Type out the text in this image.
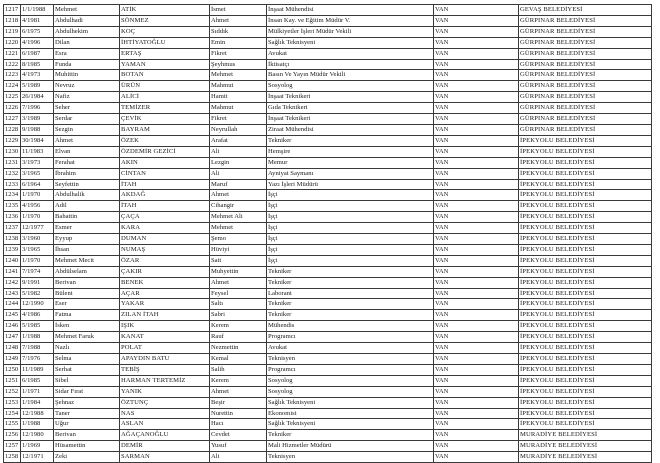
1217	1/1/1988	Mehmet	ATİK	İsmet	İnşaat Mühendisi	VAN	GEVAŞ BELEDİYESİ
1218	4/1981	Abdulhadi	SÖNMEZ	Ahmet	İnsan Kay. ve Eğitim Müdür V.	VAN	GÜRPINAR BELEDİYESİ
1219	6/1975	Abdulhekim	KOÇ	Sıddık	Mülkiyetler İşleri Müdür Vekili	VAN	GÜRPINAR BELEDİYESİ
1220	4/1996	Dilan	İHTİYATOĞLU	Emin	Sağlık Teknisyeni	VAN	GÜRPINAR BELEDİYESİ
1221	6/1987	Esra	ERTAŞ	Fikret	Avukat	VAN	GÜRPINAR BELEDİYESİ
1222	8/1985	Funda	YAMAN	Şeyhmus	İktisatçı	VAN	GÜRPINAR BELEDİYESİ
1223	4/1973	Muhittin	BOTAN	Mehmet	Basın Ve Yayın Müdür Vekili	VAN	GÜRPINAR BELEDİYESİ
1224	5/1989	Nevruz	ÜRÜN	Mahmut	Sosyolog	VAN	GÜRPINAR BELEDİYESİ
1225	26/1984	Nafiz	ALİCİ	Hamit	İnşaat Teknikeri	VAN	GÜRPINAR BELEDİYESİ
1226	7/1996	Seher	TEMİZER	Mahmut	Gıda Teknikeri	VAN	GÜRPINAR BELEDİYESİ
1227	3/1989	Serdar	ÇEVİK	Fikret	İnşaat Teknikeri	VAN	GÜRPINAR BELEDİYESİ
1228	9/1988	Sezgin	BAYRAM	Neyrullah	Ziraat Mühendisi	VAN	GÜRPINAR BELEDİYESİ
1229	30/1984	Ahmet	ÖZEK	Arafat	Tekniker	VAN	İPEKYOLU BELEDİYESİ
1230	11/1983	Elvan	ÖZDEMİR GEZİCİ	Ali	Hemşire	VAN	İPEKYOLU BELEDİYESİ
1231	3/1973	Ferahat	AKIN	Lezgin	Memur	VAN	İPEKYOLU BELEDİYESİ
1232	3/1965	İbrahim	CİNTAN	Ali	Ayniyat Saymanı	VAN	İPEKYOLU BELEDİYESİ
1233	6/1964	Seyfettin	İTAH	Maruf	Yazı İşleri Müdürü	VAN	İPEKYOLU BELEDİYESİ
1234	1/1970	Abdulhalik	AKDAĞ	Ahmet	İşçi	VAN	İPEKYOLU BELEDİYESİ
1235	4/1956	Adil	İTAH	Cihangir	İşçi	VAN	İPEKYOLU BELEDİYESİ
1236	1/1970	Bahattin	ÇAÇA	Mehmet Ali	İşçi	VAN	İPEKYOLU BELEDİYESİ
1237	12/1977	Esmer	KARA	Mehmet	İşçi	VAN	İPEKYOLU BELEDİYESİ
1238	3/1960	Eyyup	DUMAN	Şemo	İşçi	VAN	İPEKYOLU BELEDİYESİ
1239	3/1965	İhsan	NUMAŞ	Hüviyi	İşçi	VAN	İPEKYOLU BELEDİYESİ
1240	1/1970	Mehmet Mecit	ÖZAR	Sait	İşçi	VAN	İPEKYOLU BELEDİYESİ
1241	7/1974	Abdülselam	ÇAKIR	Muhyettin	Tekniker	VAN	İPEKYOLU BELEDİYESİ
1242	9/1991	Berivan	BENEK	Ahmet	Tekniker	VAN	İPEKYOLU BELEDİYESİ
1243	5/1982	Bülent	AÇAR	Feysel	Laborant	VAN	İPEKYOLU BELEDİYESİ
1244	12/1990	Eser	YAKAR	Saltı	Tekniker	VAN	İPEKYOLU BELEDİYESİ
1245	4/1986	Fatma	ZILAN İTAH	Sabri	Tekniker	VAN	İPEKYOLU BELEDİYESİ
1246	5/1985	İsken	IŞIK	Kerem	Mühendis	VAN	İPEKYOLU BELEDİYESİ
1247	1/1988	Mehmet Faruk	KANAT	Rauf	Programcı	VAN	İPEKYOLU BELEDİYESİ
1248	7/1988	Nazlı	POLAT	Nezmettin	Avukat	VAN	İPEKYOLU BELEDİYESİ
1249	7/1976	Selma	APAYDIN BATU	Kemal	Teknisyen	VAN	İPEKYOLU BELEDİYESİ
1250	11/1989	Serhat	TEBİŞ	Salih	Programcı	VAN	İPEKYOLU BELEDİYESİ
1251	6/1985	Sibel	HARMAN TERTEMİZ	Kerem	Sosyolog	VAN	İPEKYOLU BELEDİYESİ
1252	1/1971	Sidar Fırat	YANIK	Ahmet	Sosyolog	VAN	İPEKYOLU BELEDİYESİ
1253	1/1984	Şehnaz	ÖZTUNÇ	Beşir	Sağlık Teknisyeni	VAN	İPEKYOLU BELEDİYESİ
1254	12/1988	Taner	NAS	Nurettin	Ekonomist	VAN	İPEKYOLU BELEDİYESİ
1255	1/1988	Uğur	ASLAN	Hacı	Sağlık Teknisyeni	VAN	İPEKYOLU BELEDİYESİ
1256	12/1980	Berivan	AĞAÇANOĞLU	Cevdet	Tekniker	VAN	MURADİYE BELEDİYESİ
1257	1/1969	Hüsamettin	DEMİR	Yusuf	Mali Hizmetler Müdürü	VAN	MURADİYE BELEDİYESİ
1258	12/1971	Zeki	SARMAN	Ali	Teknisyen	VAN	MURADİYE BELEDİYESİ
